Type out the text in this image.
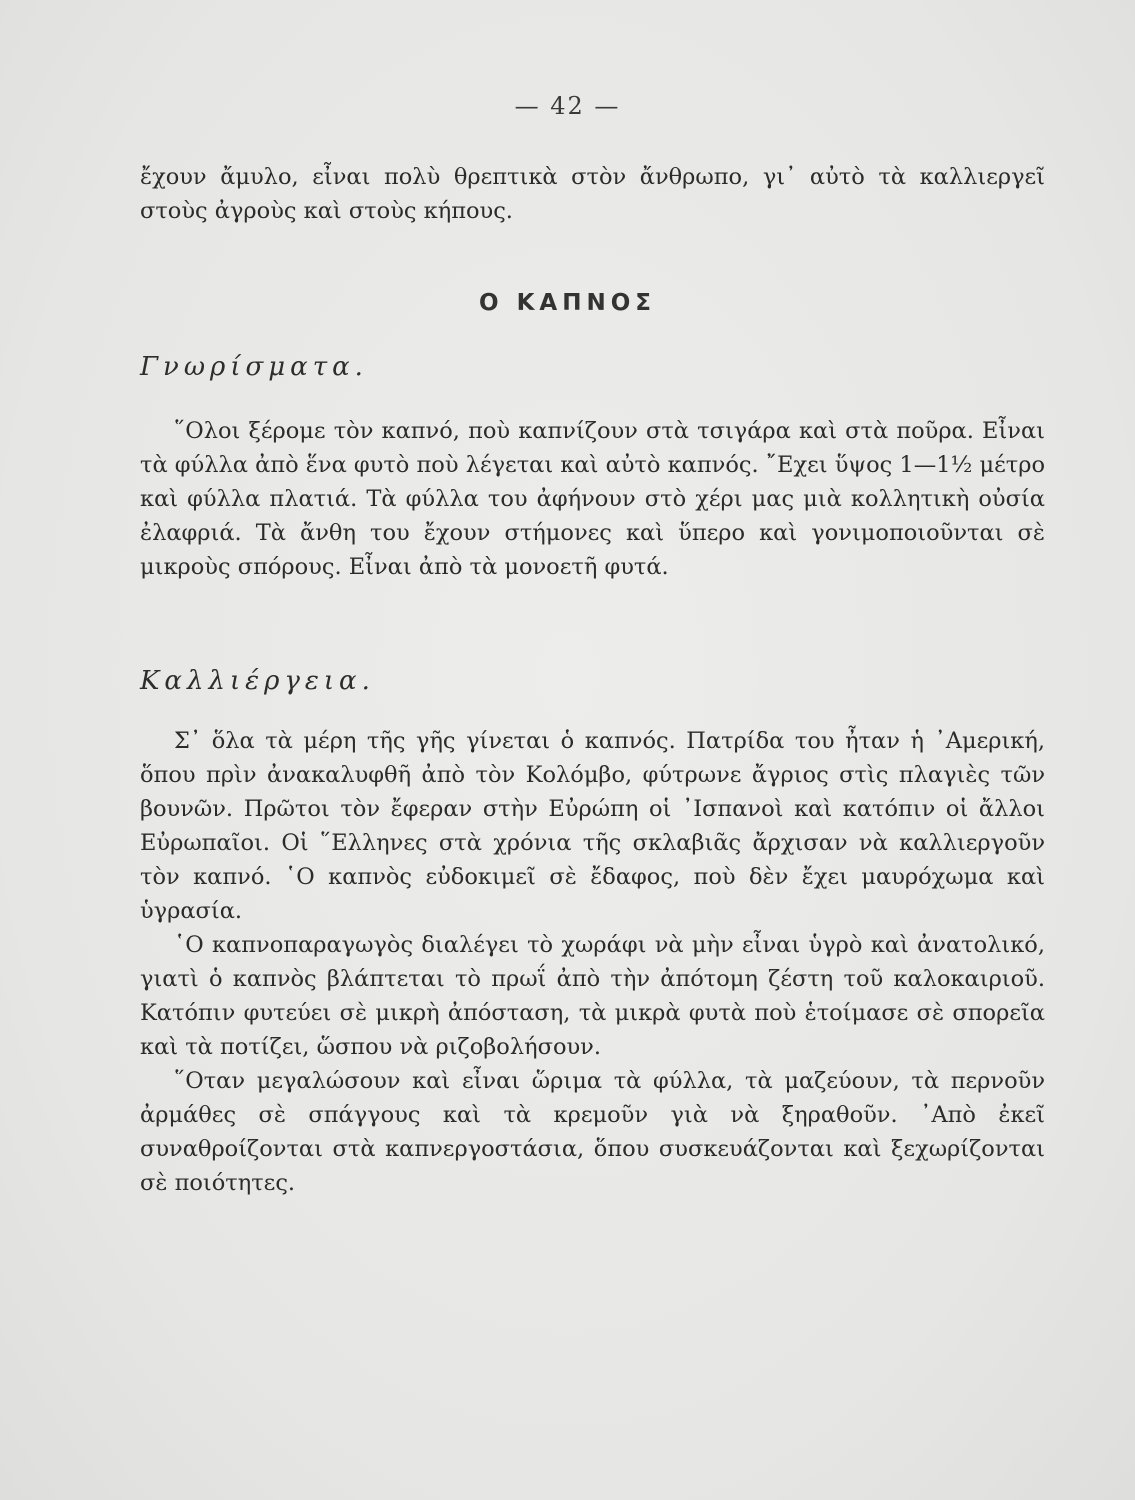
— 42 —

ἔχουν ἄμυλο, εἶναι πολὺ θρεπτικὰ στὸν ἄνθρωπο, γι᾿ αὐτὸ τὰ καλλιεργεῖ στοὺς ἀγροὺς καὶ στοὺς κήπους.

Ο ΚΑΠΝΟΣ
Γνωρίσματα.

῞Ολοι ξέρομε τὸν καπνό, ποὺ καπνίζουν στὰ τσιγάρα καὶ στὰ ποῦρα. Εἶναι τὰ φύλλα ἀπὸ ἕνα φυτὸ ποὺ λέγεται καὶ αὐτὸ καπνός. ῎Εχει ὕψος 1—1½ μέτρο καὶ φύλλα πλατιά. Τὰ φύλλα του ἀφήνουν στὸ χέρι μας μιὰ κολλητικὴ οὐσία ἐλαφριά. Τὰ ἄνθη του ἔχουν στήμονες καὶ ὕπερο καὶ γονιμοποιοῦνται σὲ μικροὺς σπόρους. Εἶναι ἀπὸ τὰ μονοετῆ φυτά.

Καλλιέργεια.

Σ᾿ ὅλα τὰ μέρη τῆς γῆς γίνεται ὁ καπνός. Πατρίδα του ἦταν ἡ ᾿Αμερική, ὅπου πρὶν ἀνακαλυφθῆ ἀπὸ τὸν Κολόμβο, φύτρωνε ἄγριος στὶς πλαγιὲς τῶν βουνῶν. Πρῶτοι τὸν ἔφεραν στὴν Εὐρώπη οἱ ᾿Ισπανοὶ καὶ κατόπιν οἱ ἄλλοι Εὐρωπαῖοι. Οἱ ῞Ελληνες στὰ χρόνια τῆς σκλαβιᾶς ἄρχισαν νὰ καλλιεργοῦν τὸν καπνό. ῾Ο καπνὸς εὐδοκιμεῖ σὲ ἔδαφος, ποὺ δὲν ἔχει μαυρόχωμα καὶ ὑγρασία.

῾Ο καπνοπαραγωγὸς διαλέγει τὸ χωράφι νὰ μὴν εἶναι ὑγρὸ καὶ ἀνατολικό, γιατὶ ὁ καπνὸς βλάπτεται τὸ πρωΐ ἀπὸ τὴν ἀπότομη ζέστη τοῦ καλοκαιριοῦ. Κατόπιν φυτεύει σὲ μικρὴ ἀπόσταση, τὰ μικρὰ φυτὰ ποὺ ἑτοίμασε σὲ σπορεῖα καὶ τὰ ποτίζει, ὥσπου νὰ ριζοβολήσουν.

῞Οταν μεγαλώσουν καὶ εἶναι ὥριμα τὰ φύλλα, τὰ μαζεύουν, τὰ περνοῦν ἀρμάθες σὲ σπάγγους καὶ τὰ κρεμοῦν γιὰ νὰ ξηραθοῦν. ᾿Απὸ ἐκεῖ συναθροίζονται στὰ καπνεργοστάσια, ὅπου συσκευάζονται καὶ ξεχωρίζονται σὲ ποιότητες.
